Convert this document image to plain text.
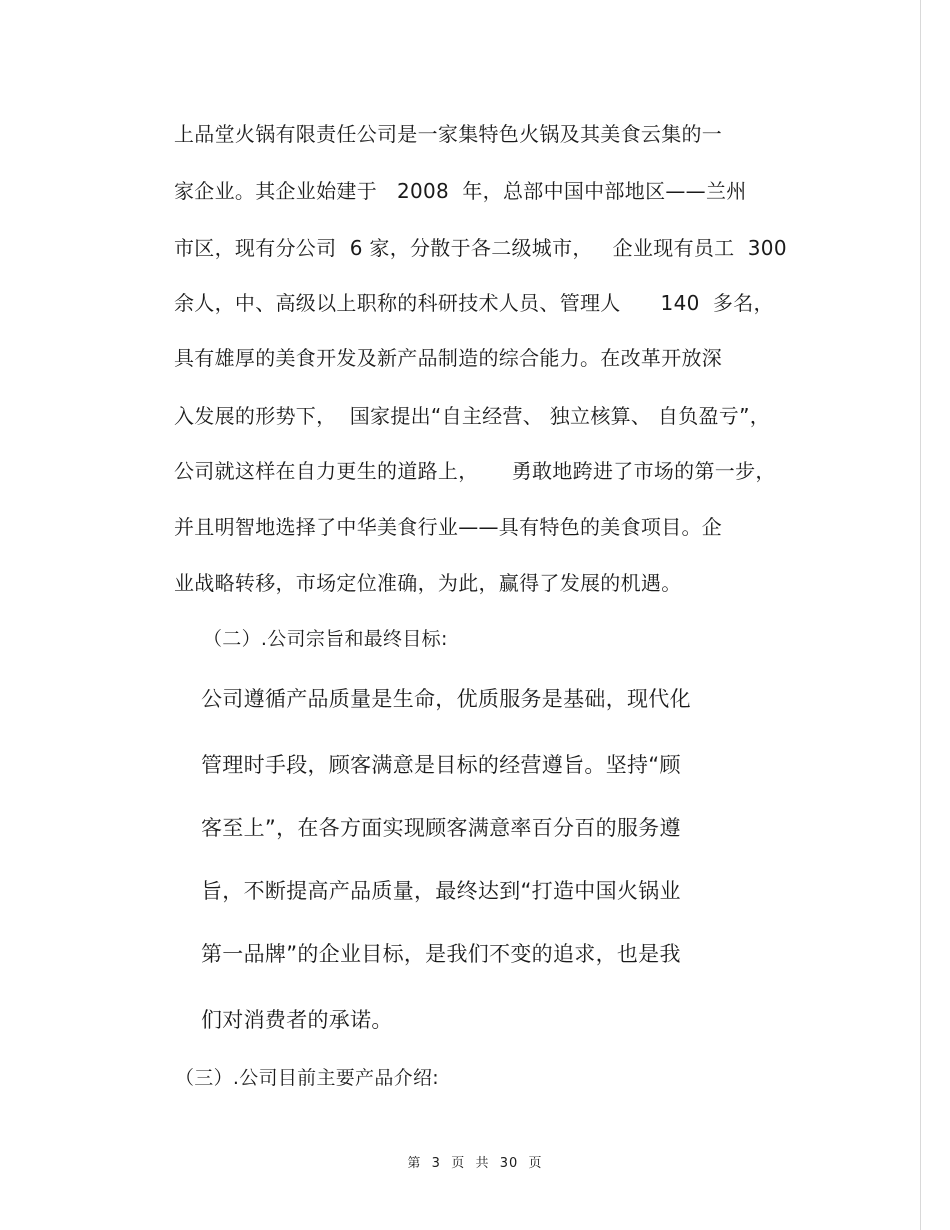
上品堂火锅有限责任公司是一家集特色火锅及其美食云集的一
家企业。其企业始建于   2008  年，总部中国中部地区——兰州
市区，现有分公司  6 家，分散于各二级城市，   企业现有员工  300
余人，中、高级以上职称的科研技术人员、管理人      140  多名，
具有雄厚的美食开发及新产品制造的综合能力。在改革开放深
入发展的形势下，  国家提出“自主经营、 独立核算、 自负盈亏”，
公司就这样在自力更生的道路上，     勇敢地跨进了市场的第一步，
并且明智地选择了中华美食行业——具有特色的美食项目。企
业战略转移，市场定位准确，为此，赢得了发展的机遇。
（二）.公司宗旨和最终目标:
公司遵循产品质量是生命，优质服务是基础，现代化
管理时手段，顾客满意是目标的经营遵旨。坚持“顾
客至上”，在各方面实现顾客满意率百分百的服务遵
旨，不断提高产品质量，最终达到“打造中国火锅业
第一品牌”的企业目标，是我们不变的追求，也是我
们对消费者的承诺。
（三）.公司目前主要产品介绍:
第  3  页  共  30  页
